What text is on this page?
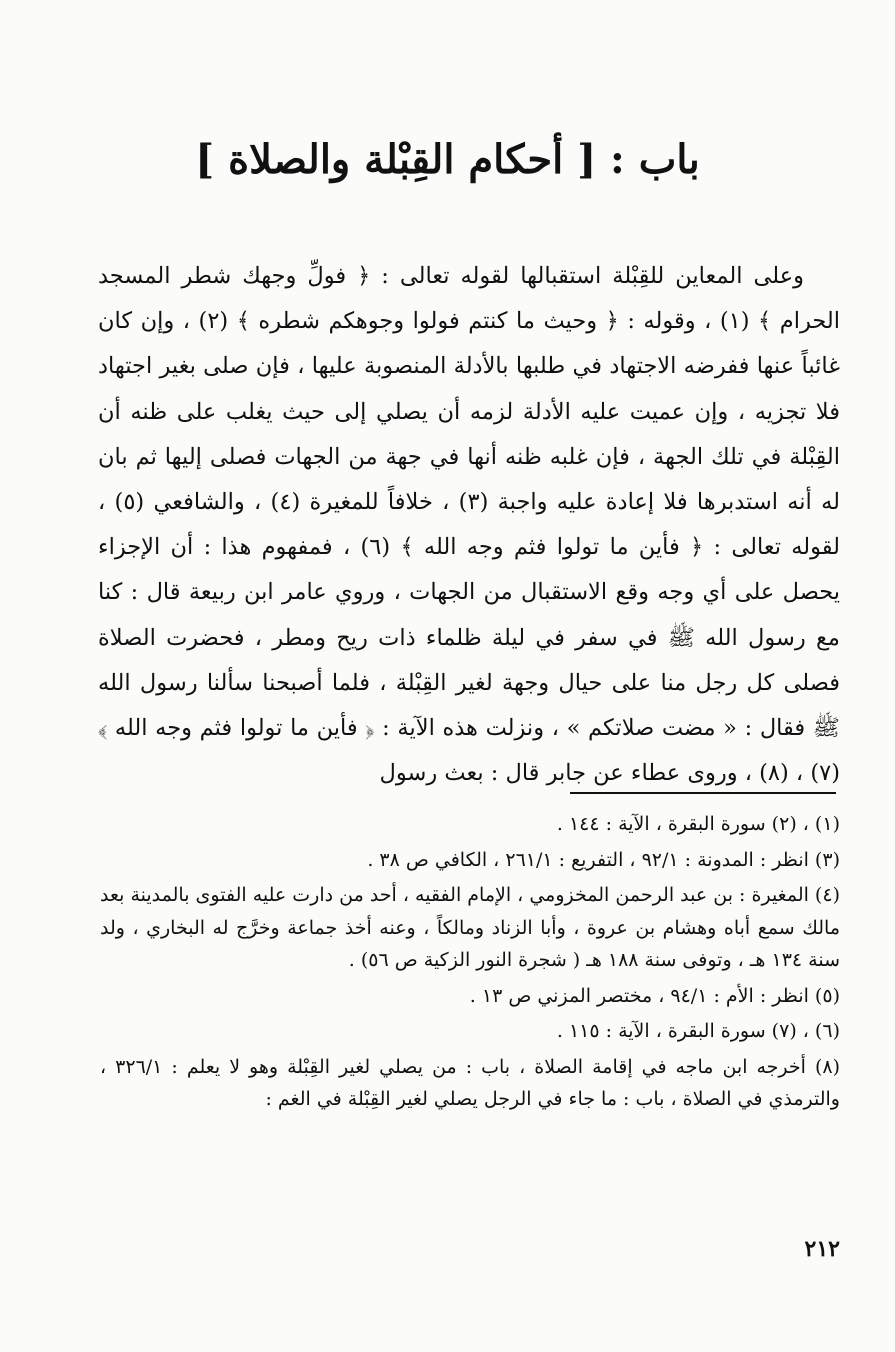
باب : [ أحكام القِبْلة والصلاة ]

وعلى المعاين للقِبْلة استقبالها لقوله تعالى : ﴿ فولِّ وجهك شطر المسجد الحرام ﴾ (١) ، وقوله : ﴿ وحيث ما كنتم فولوا وجوهكم شطره ﴾ (٢) ، وإن كان غائباً عنها ففرضه الاجتهاد في طلبها بالأدلة المنصوبة عليها ، فإن صلى بغير اجتهاد فلا تجزيه ، وإن عميت عليه الأدلة لزمه أن يصلي إلى حيث يغلب على ظنه أن القِبْلة في تلك الجهة ، فإن غلبه ظنه أنها في جهة من الجهات فصلى إليها ثم بان له أنه استدبرها فلا إعادة عليه واجبة (٣) ، خلافاً للمغيرة (٤) ، والشافعي (٥) ، لقوله تعالى : ﴿ فأين ما تولوا فثم وجه الله ﴾ (٦) ، فمفهوم هذا : أن الإجزاء يحصل على أي وجه وقع الاستقبال من الجهات ، وروي عامر ابن ربيعة قال : كنا مع رسول الله ﷺ في سفر في ليلة ظلماء ذات ريح ومطر ، فحضرت الصلاة فصلى كل رجل منا على حيال وجهة لغير القِبْلة ، فلما أصبحنا سألنا رسول الله ﷺ فقال : « مضت صلاتكم » ، ونزلت هذه الآية : ﴿ فأين ما تولوا فثم وجه الله ﴾ (٧) ، (٨) ، وروى عطاء عن جابر قال : بعث رسول

(١) ، (٢) سورة البقرة ، الآية : ١٤٤ .

(٣) انظر : المدونة : ٩٢/١ ، التفريع : ٢٦١/١ ، الكافي ص ٣٨ .

(٤) المغيرة : بن عبد الرحمن المخزومي ، الإمام الفقيه ، أحد من دارت عليه الفتوى بالمدينة بعد مالك سمع أباه وهشام بن عروة ، وأبا الزناد ومالكاً ، وعنه أخذ جماعة وخرَّج له البخاري ، ولد سنة ١٣٤ هـ ، وتوفى سنة ١٨٨ هـ ( شجرة النور الزكية ص ٥٦) .

(٥) انظر : الأم : ٩٤/١ ، مختصر المزني ص ١٣ .

(٦) ، (٧) سورة البقرة ، الآية : ١١٥ .

(٨) أخرجه ابن ماجه في إقامة الصلاة ، باب : من يصلي لغير القِبْلة وهو لا يعلم : ٣٢٦/١ ، والترمذي في الصلاة ، باب : ما جاء في الرجل يصلي لغير القِبْلة في الغم :

٢١٢
